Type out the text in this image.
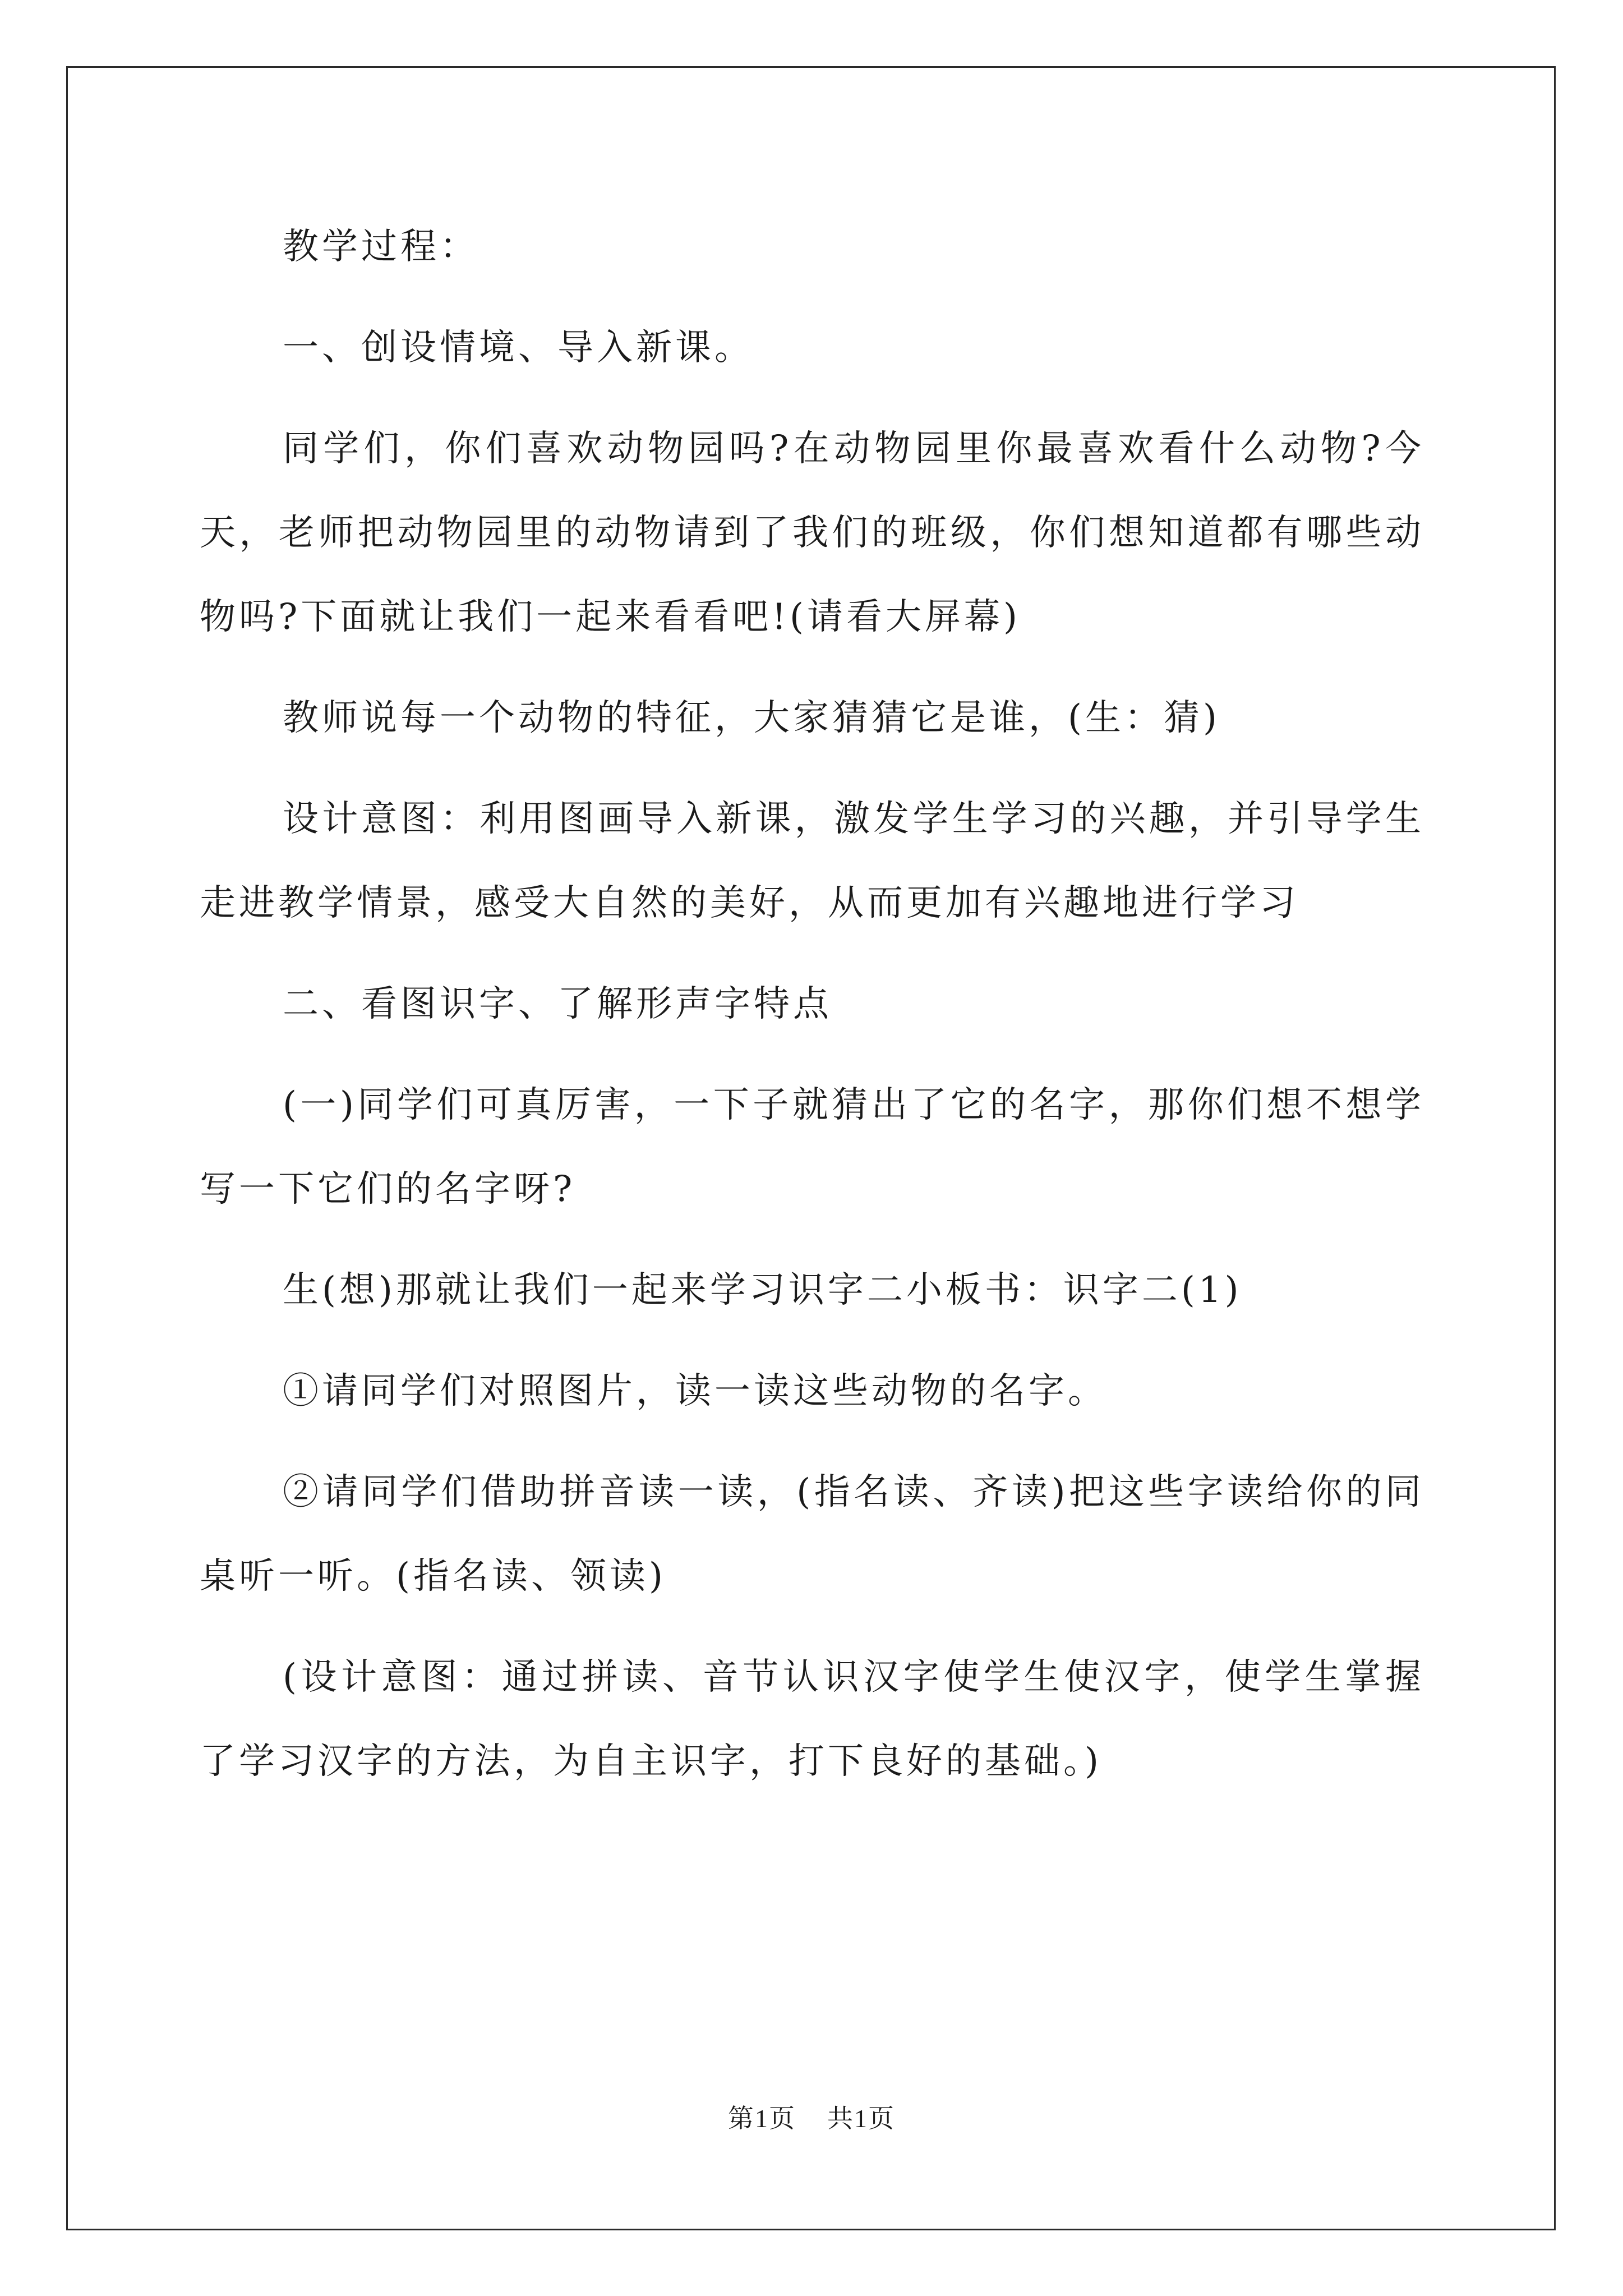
教学过程：

一、创设情境、导入新课。

同学们，你们喜欢动物园吗?在动物园里你最喜欢看什么动物?今天，老师把动物园里的动物请到了我们的班级，你们想知道都有哪些动物吗?下面就让我们一起来看看吧!(请看大屏幕)

教师说每一个动物的特征，大家猜猜它是谁，(生：猜)

设计意图：利用图画导入新课，激发学生学习的兴趣，并引导学生走进教学情景，感受大自然的美好，从而更加有兴趣地进行学习

二、看图识字、了解形声字特点

(一)同学们可真厉害，一下子就猜出了它的名字，那你们想不想学写一下它们的名字呀?

生(想)那就让我们一起来学习识字二小板书：识字二(1)

①请同学们对照图片，读一读这些动物的名字。

②请同学们借助拼音读一读，(指名读、齐读)把这些字读给你的同桌听一听。(指名读、领读)

(设计意图：通过拼读、音节认识汉字使学生使汉字，使学生掌握了学习汉字的方法，为自主识字，打下良好的基础。)

第1页 共1页
